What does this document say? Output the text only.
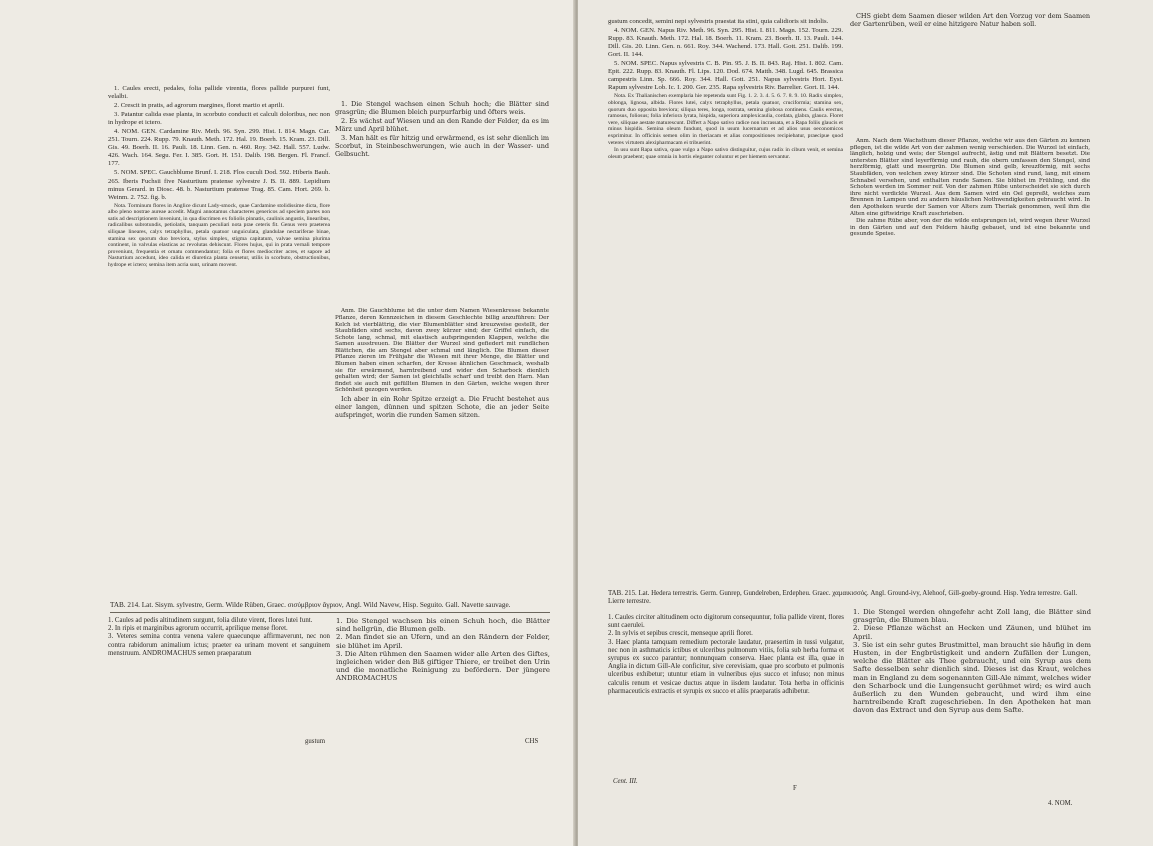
1. Caules erecti, pedales, folia pallide virentia, flores pallide purpurei funt, velalbi.

2. Crescit in pratis, ad agrorum margines, floret martio et aprili.

3. Patantur calida esse planta, in scorbuto conducit et calculi doloribus, nec non in hydrope et ictero.

4. NOM. GEN. Cardamine Riv. Meth. 96. Syn. 299. Hist. I. 814. Magn. Car. 251. Tourn. 224. Rupp. 79. Knauth. Meth. 172. Hal. 19. Boerh. 15. Kram. 23. Dill. Gis. 49. Boerh. II. 16. Pauli. 18. Linn. Gen. n. 460. Roy. 342. Hall. 557. Ludw. 426. Wach. 164. Segu. Fer. I. 385. Gort. H. 151. Dalib. 198. Bergen. Fl. Francf. 177.

5. NOM. SPEC. Gauchblume Brunf. I. 218. Flos cuculi Dod. 592. Hiberis Bauh. 265. Iberis Fuchsii five Nasturtium pratense sylvestre J. B. II. 889. Lepidium minus Gerard. in Diosc. 48. b. Nasturtium pratense Trag. 85. Cam. Hort. 269. b. Weinm. 2. 752. fig. b.

Nota. Torminum flores in Anglice dicunt Lady-smock, quae Cardamine stolidissime dicta, flore albo pleno nostrae aureae accedit. Magni annotamus characteres genericos ad speciem partes non satis ad descriptionem inveniunt, in qua discrimen ex foliolis pinnatis, caulinis angustis, linearibus, radicalibus subrotundis, petiolatis, tanquam peculiari nota prae ceteris fit. Genus vero praeterea siliquae lineares, calyx tetraphyllus, petala quatuor unguiculata, glandulae nectariferae binae, stamina sex quorum duo breviora, stylus simplex, stigma capitatum, valvae semina plurima continent, in valvulas elasticas ac revolutas dehiscunt. Flores hujus, qui in prata vernali tempore proveniunt, frequentia et ornatu commendantur; folia et flores mediocriter acres, et sapore ad Nasturtium accedunt, ideo calida et diuretica planta censetur, utilis in scorbuto, obstructionibus, hydrope et ictero; semina item acria sunt, urinam movent.

1. Die Stengel wachsen einen Schuh hoch; die Blätter sind grasgrün; die Blumen bleich purpurfarbig und öfters weis.

2. Es wächst auf Wiesen und an den Rande der Felder, da es im März und April blühet.

3. Man hält es für hitzig und erwärmend, es ist sehr dienlich im Scorbut, in Steinbeschwerungen, wie auch in der Wasser- und Gelbsucht.

Anm. Die Gauchblume ist die unter dem Namen Wiesenkresse bekannte Pflanze, deren Kennzeichen in diesem Geschlechte billig anzuführen: Der Kelch ist vierblättrig, die vier Blumenblätter sind kreuzweise gestellt, der Staubfäden sind sechs, davon zwey kürzer sind; der Griffel einfach, die Schote lang, schmal, mit elastisch aufspringenden Klappen, welche die Samen ausstreuen. Die Blätter der Wurzel sind gefiedert mit rundlichen Blättchen, die am Stengel aber schmal und länglich. Die Blumen dieser Pflanze zieren im Frühjahr die Wiesen mit ihrer Menge, die Blätter und Blumen haben einen scharfen, der Kresse ähnlichen Geschmack, weshalb sie für erwärmend, harntreibend und wider den Scharbock dienlich gehalten wird; der Samen ist gleichfalls scharf und treibt den Harn. Man findet sie auch mit gefüllten Blumen in den Gärten, welche wegen ihrer Schönheit gezogen werden.

Ich aber in ein Rohr Spitze erzeigt a. Die Frucht bestehet aus einer langen, dünnen und spitzen Schote, die an jeder Seite aufspringet, worin die runden Samen sitzen.

TAB. 214. Lat. Sisym. sylvestre, Germ. Wilde Rüben, Graec. σισύμβριον ἄγριον, Angl. Wild Navew, Hisp. Seguito. Gall. Navette sauvage.

1. Caules ad pedis altitudinem surgunt, folia dilute virent, flores lutei funt.

2. In ripis et marginibus agrorum occurrit, aprilique mense floret.

3. Veteres semina contra venena valere quaecunque affirmaverunt, nec non contra rabidorum animalium ictus; praeter ea urinam movent et sanguinem menstruum. ANDROMACHUS semen praeparatum

1. Die Stengel wachsen bis einen Schuh hoch, die Blätter sind hellgrün, die Blumen gelb.

2. Man findet sie an Ufern, und an den Rändern der Felder, sie blühet im April.

3. Die Alten rühmen den Saamen wider alle Arten des Giftes, ingleichen wider den Biß giftiger Thiere, er treibet den Urin und die monatliche Reinigung zu befördern. Der jüngere ANDROMACHUS

gustum	CHS

gustum concedit, semini nepi sylvestris praestat ita stini, quia calidioris sit indolis.

4. NOM. GEN. Napus Riv. Meth. 96. Syn. 295. Hist. I. 811. Magn. 152. Tourn. 229. Rupp. 83. Knauth. Meth. 172. Hal. 18. Boerh. 11. Kram. 23. Boerh. II. 13. Pauli. 144. Dill. Gis. 20. Linn. Gen. n. 661. Roy. 344. Wachend. 173. Hall. Gott. 251. Dalib. 199. Gort. II. 144.

5. NOM. SPEC. Napus sylvestris C. B. Pin. 95. J. B. II. 843. Raj. Hist. I. 802. Cam. Epit. 222. Rupp. 83. Knauth. Fl. Lips. 120. Dod. 674. Matth. 348. Lugd. 645. Brassica campestris Linn. Sp. 666. Roy. 344. Hall. Gott. 251. Napus sylvestris Hort. Eyst. Rapum sylvestre Lob. Ic. I. 200. Ger. 235. Rapa sylvestris Riv. Barrelier. Gort. II. 144.

Nota. Ex Thalianischen exemplaria hie repetenda sunt Fig. 1. 2. 3. 4. 5. 6. 7. 8. 9. 10. Radix simplex, oblonga, lignosa, albida. Flores lutei, calyx tetraphyllus, petala quatuor, cruciformia; stamina sex, quorum duo opposita breviora; siliqua teres, longa, rostrata, semina globosa continens. Caulis erectus, ramosus, foliosus; folia inferiora lyrata, hispida, superiora amplexicaulia, cordata, glabra, glauca. Floret vere, siliquae aestate maturescunt. Differt a Napo sativo radice non incrassata, et a Rapa foliis glaucis et minus hispidis. Semina oleum fundunt, quod in usum lucernarum et ad alios usus oeconomicos exprimitur. In officinis semen olim in theriacam et alias compositiones recipiebatur, praecipue quod veteres virtutem alexipharmacam ei tribuerint.

In usu sunt Rapa sativa, quae vulgo a Napo sativo distinguitur, cujus radix in cibum venit, et semina oleum praebent; quae omnia in hortis eleganter coluntur et per hiemem servantur.

CHS giebt dem Saamen dieser wilden Art den Vorzug vor dem Saamen der Gartenrüben, weil er eine hitzigere Natur haben soll.

Anm. Nach dem Wachsthum dieser Pflanze, welche wir aus den Gärten zu kennen pflegen, ist die wilde Art von der zahmen wenig verschieden. Die Wurzel ist einfach, länglich, holzig und weis; der Stengel aufrecht, ästig und mit Blättern besetzt. Die untersten Blätter sind leyerförmig und rauh, die obern umfassen den Stengel, sind herzförmig, glatt und meergrün. Die Blumen sind gelb, kreuzförmig, mit sechs Staubfäden, von welchen zwey kürzer sind. Die Schoten sind rund, lang, mit einem Schnabel versehen, und enthalten runde Samen. Sie blühet im Frühling, und die Schoten werden im Sommer reif. Von der zahmen Rübe unterscheidet sie sich durch ihre nicht verdickte Wurzel. Aus dem Samen wird ein Oel gepreßt, welches zum Brennen in Lampen und zu andern häuslichen Nothwendigkeiten gebraucht wird. In den Apotheken wurde der Samen vor Alters zum Theriak genommen, weil ihm die Alten eine giftwidrige Kraft zuschrieben.

Die zahme Rübe aber, von der die wilde entsprungen ist, wird wegen ihrer Wurzel in den Gärten und auf den Feldern häufig gebauet, und ist eine bekannte und gesunde Speise.

TAB. 215. Lat. Hedera terrestris. Germ. Gunrep, Gundelreben, Erdepheu. Graec. χαμαικισσός. Angl. Ground-ivy, Alehoof, Gill-goeby-ground. Hisp. Yedra terrestre. Gall. Lierre terrestre.

1. Caules circiter altitudinem octo digitorum consequuntur, folia pallide virent, flores sunt caerulei.

2. In sylvis et sepibus crescit, menseque aprili floret.

3. Haec planta tamquam remedium pectorale laudatur, praesertim in tussi vulgatur, nec non in asthmaticis ictibus et ulceribus pulmonum vitiis, folia sub herba forma et syrupus ex succo parantur; nonnunquam conserva. Haec planta est illa, quae in Anglia in dictum Gill-Ale conficitur, sive cerevisiam, quae pro scorbuto et pulmonis ulceribus exhibetur; utuntur etiam in vulneribus ejus succo et infuso; non minus calculis renum et vesicae ductus atque in iisdem laudatur. Tota herba in officinis pharmaceuticis extractis et syrupis ex succo et aliis praeparatis adhibetur.

1. Die Stengel werden ohngefehr acht Zoll lang, die Blätter sind grasgrün, die Blumen blau.

2. Diese Pflanze wächst an Hecken und Zäunen, und blühet im April.

3. Sie ist ein sehr gutes Brustmittel, man braucht sie häufig in dem Husten, in der Engbrüstigkeit und andern Zufällen der Lungen, welche die Blätter als Thee gebraucht, und ein Syrup aus dem Safte desselben sehr dienlich sind. Dieses ist das Kraut, welches man in England zu dem sogenannten Gill-Ale nimmt, welches wider den Scharbock und die Lungensucht gerühmet wird; es wird auch äußerlich zu den Wunden gebraucht, und wird ihm eine harntreibende Kraft zugeschrieben. In den Apotheken hat man davon das Extract und den Syrup aus dem Safte.

Cent. III.
F
4. NOM.
